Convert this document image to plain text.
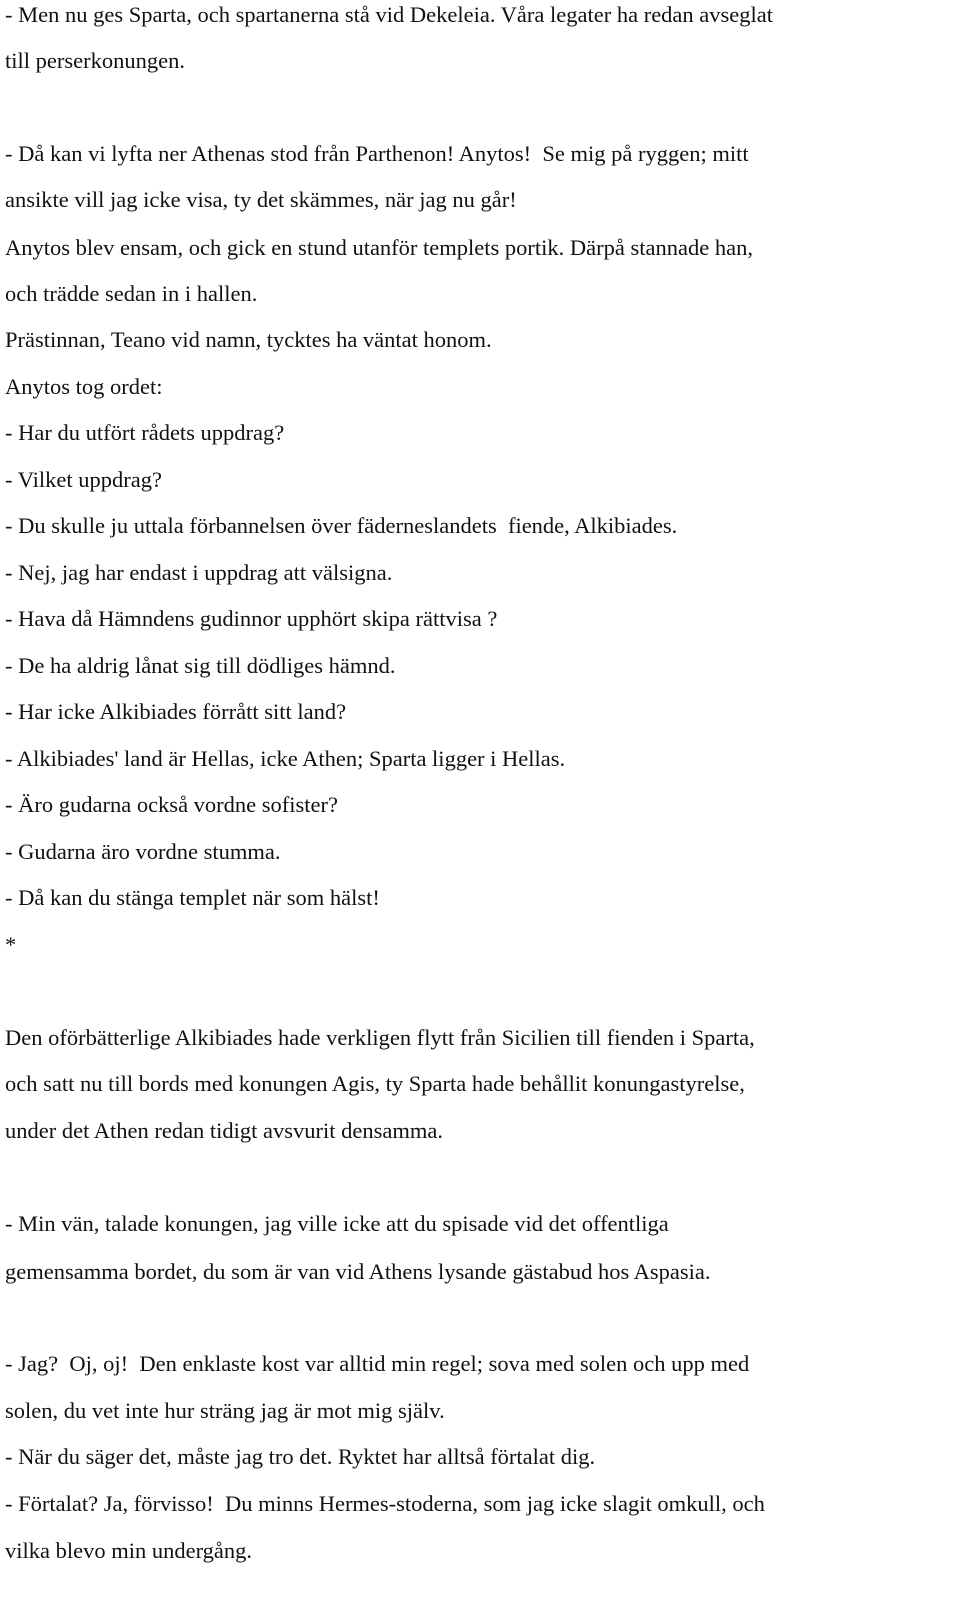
- Men nu ges Sparta, och spartanerna stå vid Dekeleia. Våra legater ha redan avseglat
till perserkonungen.
- Då kan vi lyfta ner Athenas stod från Parthenon! Anytos!  Se mig på ryggen; mitt
ansikte vill jag icke visa, ty det skämmes, när jag nu går!
Anytos blev ensam, och gick en stund utanför templets portik. Därpå stannade han,
och trädde sedan in i hallen.
Prästinnan, Teano vid namn, tycktes ha väntat honom.
Anytos tog ordet:
- Har du utfört rådets uppdrag?
- Vilket uppdrag?
- Du skulle ju uttala förbannelsen över fäderneslandets  fiende, Alkibiades.
- Nej, jag har endast i uppdrag att välsigna.
- Hava då Hämndens gudinnor upphört skipa rättvisa ?
- De ha aldrig lånat sig till dödliges hämnd.
- Har icke Alkibiades förrått sitt land?
- Alkibiades' land är Hellas, icke Athen; Sparta ligger i Hellas.
- Äro gudarna också vordne sofister?
- Gudarna äro vordne stumma.
- Då kan du stänga templet när som hälst!
*
Den oförbätterlige Alkibiades hade verkligen flytt från Sicilien till fienden i Sparta,
och satt nu till bords med konungen Agis, ty Sparta hade behållit konungastyrelse,
under det Athen redan tidigt avsvurit densamma.
- Min vän, talade konungen, jag ville icke att du spisade vid det offentliga
gemensamma bordet, du som är van vid Athens lysande gästabud hos Aspasia.
- Jag?  Oj, oj!  Den enklaste kost var alltid min regel; sova med solen och upp med
solen, du vet inte hur sträng jag är mot mig själv.
- När du säger det, måste jag tro det. Ryktet har alltså förtalat dig.
- Förtalat? Ja, förvisso!  Du minns Hermes-stoderna, som jag icke slagit omkull, och
vilka blevo min undergång.
